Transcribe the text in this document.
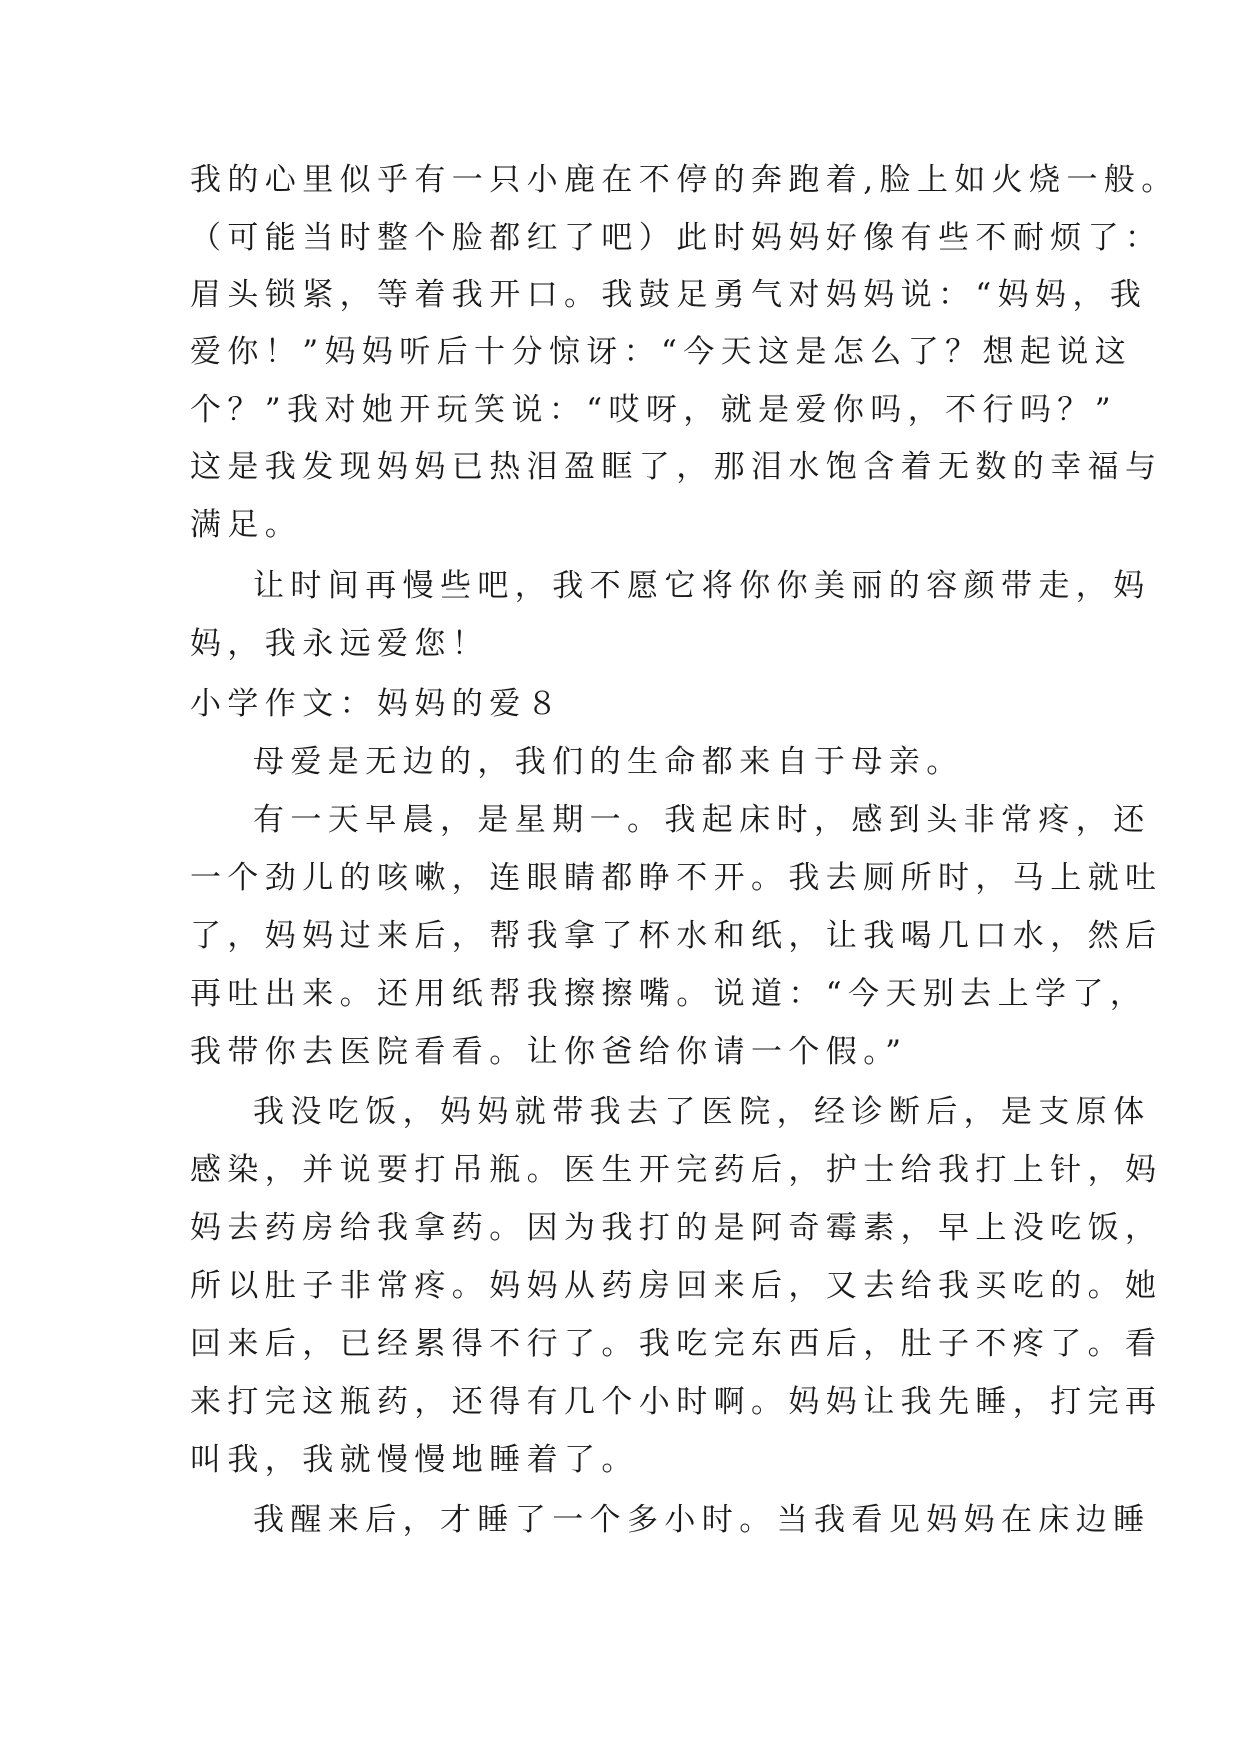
我的心里似乎有一只小鹿在不停的奔跑着,脸上如火烧一般。
（可能当时整个脸都红了吧）此时妈妈好像有些不耐烦了：
眉头锁紧，等着我开口。我鼓足勇气对妈妈说：“妈妈，我
爱你！”妈妈听后十分惊讶：“今天这是怎么了？想起说这
个？”我对她开玩笑说：“哎呀，就是爱你吗，不行吗？”
这是我发现妈妈已热泪盈眶了，那泪水饱含着无数的幸福与
满足。
让时间再慢些吧，我不愿它将你你美丽的容颜带走，妈
妈，我永远爱您！
小学作文：妈妈的爱８
母爱是无边的，我们的生命都来自于母亲。
有一天早晨，是星期一。我起床时，感到头非常疼，还
一个劲儿的咳嗽，连眼睛都睁不开。我去厕所时，马上就吐
了，妈妈过来后，帮我拿了杯水和纸，让我喝几口水，然后
再吐出来。还用纸帮我擦擦嘴。说道：“今天别去上学了，
我带你去医院看看。让你爸给你请一个假。”
我没吃饭，妈妈就带我去了医院，经诊断后，是支原体
感染，并说要打吊瓶。医生开完药后，护士给我打上针，妈
妈去药房给我拿药。因为我打的是阿奇霉素，早上没吃饭，
所以肚子非常疼。妈妈从药房回来后，又去给我买吃的。她
回来后，已经累得不行了。我吃完东西后，肚子不疼了。看
来打完这瓶药，还得有几个小时啊。妈妈让我先睡，打完再
叫我，我就慢慢地睡着了。
我醒来后，才睡了一个多小时。当我看见妈妈在床边睡
